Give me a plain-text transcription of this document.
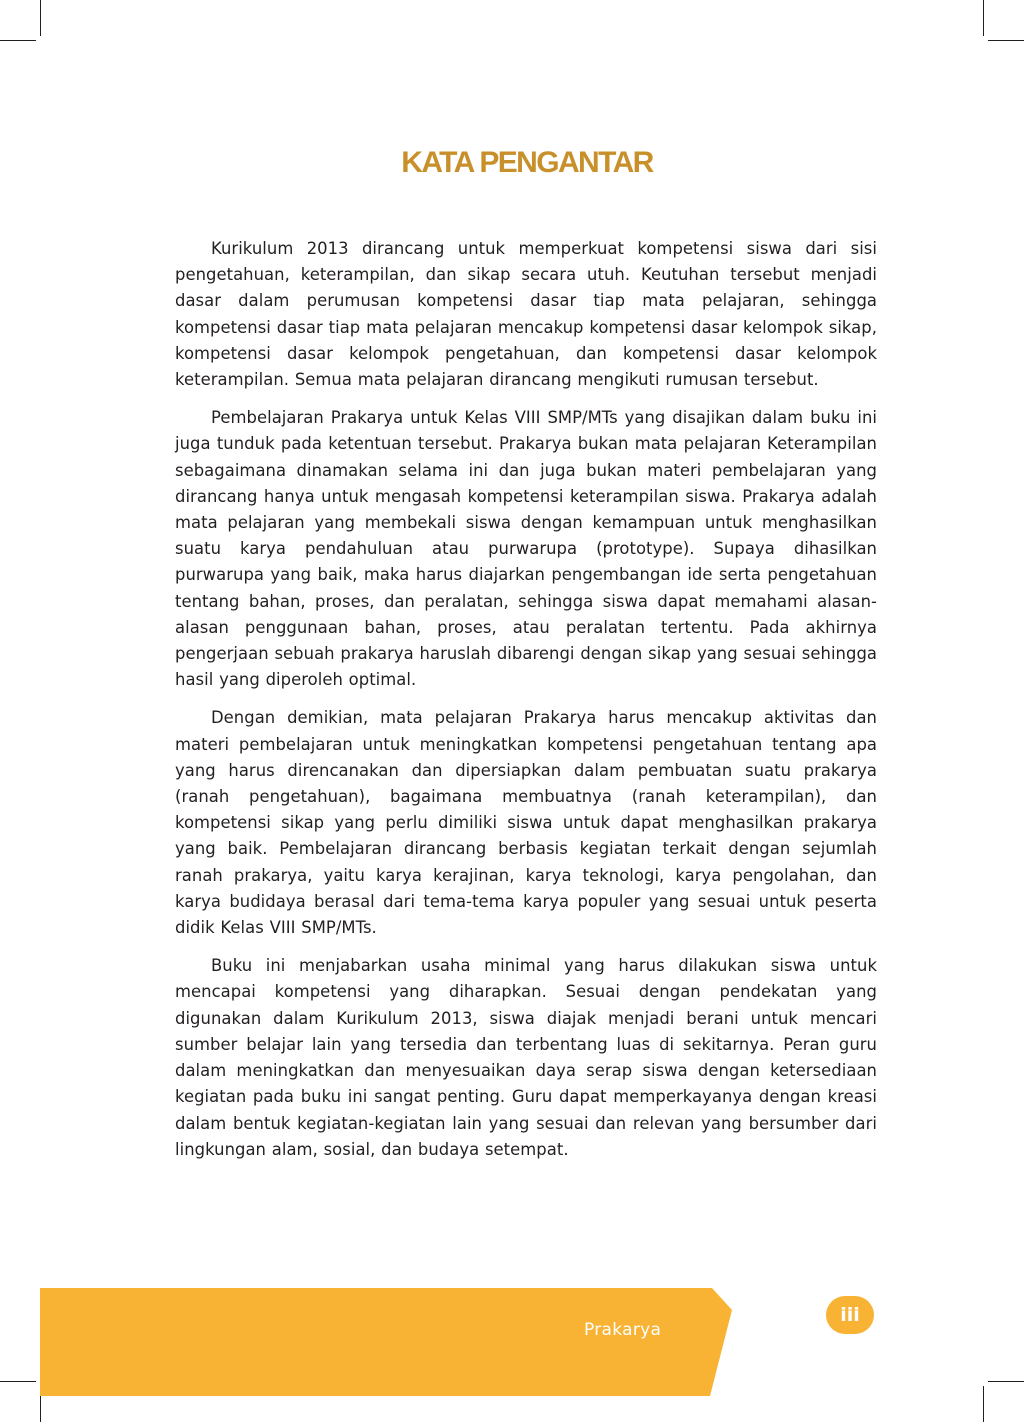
KATA PENGANTAR

Kurikulum 2013 dirancang untuk memperkuat kompetensi siswa dari sisi pengetahuan, keterampilan, dan sikap secara utuh. Keutuhan tersebut menjadi dasar dalam perumusan kompetensi dasar tiap mata pelajaran, sehingga kompetensi dasar tiap mata pelajaran mencakup kompetensi dasar kelompok sikap, kompetensi dasar kelompok pengetahuan, dan kompetensi dasar kelompok keterampilan. Semua mata pelajaran dirancang mengikuti rumusan tersebut.

Pembelajaran Prakarya untuk Kelas VIII SMP/MTs yang disajikan dalam buku ini juga tunduk pada ketentuan tersebut. Prakarya bukan mata pelajaran Keterampilan sebagaimana dinamakan selama ini dan juga bukan materi pembelajaran yang dirancang hanya untuk mengasah kompetensi keterampilan siswa. Prakarya adalah mata pelajaran yang membekali siswa dengan kemampuan untuk menghasilkan suatu karya pendahuluan atau purwarupa (prototype). Supaya dihasilkan purwarupa yang baik, maka harus diajarkan pengembangan ide serta pengetahuan tentang bahan, proses, dan peralatan, sehingga siswa dapat memahami alasan-alasan penggunaan bahan, proses, atau peralatan tertentu. Pada akhirnya pengerjaan sebuah prakarya haruslah dibarengi dengan sikap yang sesuai sehingga hasil yang diperoleh optimal.

Dengan demikian, mata pelajaran Prakarya harus mencakup aktivitas dan materi pembelajaran untuk meningkatkan kompetensi pengetahuan tentang apa yang harus direncanakan dan dipersiapkan dalam pembuatan suatu prakarya (ranah pengetahuan), bagaimana membuatnya (ranah keterampilan), dan kompetensi sikap yang perlu dimiliki siswa untuk dapat menghasilkan prakarya yang baik. Pembelajaran dirancang berbasis kegiatan terkait dengan sejumlah ranah prakarya, yaitu karya kerajinan, karya teknologi, karya pengolahan, dan karya budidaya berasal dari tema-tema karya populer yang sesuai untuk peserta didik Kelas VIII SMP/MTs.

Buku ini menjabarkan usaha minimal yang harus dilakukan siswa untuk mencapai kompetensi yang diharapkan. Sesuai dengan pendekatan yang digunakan dalam Kurikulum 2013, siswa diajak menjadi berani untuk mencari sumber belajar lain yang tersedia dan terbentang luas di sekitarnya. Peran guru dalam meningkatkan dan menyesuaikan daya serap siswa dengan ketersediaan kegiatan pada buku ini sangat penting. Guru dapat memperkayanya dengan kreasi dalam bentuk kegiatan-kegiatan lain yang sesuai dan relevan yang bersumber dari lingkungan alam, sosial, dan budaya setempat.

Prakarya
iii
